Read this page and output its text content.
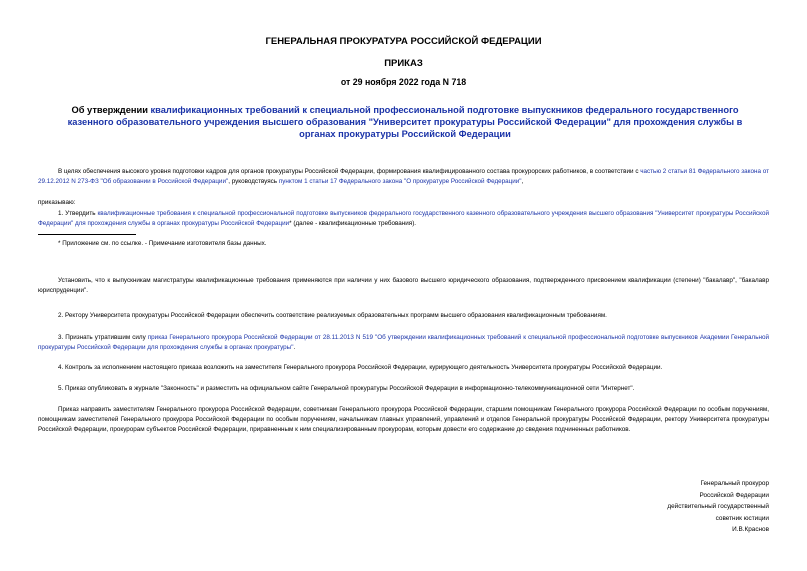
ГЕНЕРАЛЬНАЯ ПРОКУРАТУРА РОССИЙСКОЙ ФЕДЕРАЦИИ
ПРИКАЗ
от 29 ноября 2022 года N 718
Об утверждении квалификационных требований к специальной профессиональной подготовке выпускников федерального государственного казенного образовательного учреждения высшего образования "Университет прокуратуры Российской Федерации" для прохождения службы в органах прокуратуры Российской Федерации
В целях обеспечения высокого уровня подготовки кадров для органов прокуратуры Российской Федерации, формирования квалифицированного состава прокурорских работников, в соответствии с частью 2 статьи 81 Федерального закона от 29.12.2012 N 273-ФЗ "Об образовании в Российской Федерации", руководствуясь пунктом 1 статьи 17 Федерального закона "О прокуратуре Российской Федерации",
приказываю:
1. Утвердить квалификационные требования к специальной профессиональной подготовке выпускников федерального государственного казенного образовательного учреждения высшего образования "Университет прокуратуры Российской Федерации" для прохождения службы в органах прокуратуры Российской Федерации* (далее - квалификационные требования).
* Приложение см. по ссылке. - Примечание изготовителя базы данных.
Установить, что к выпускникам магистратуры квалификационные требования применяются при наличии у них базового высшего юридического образования, подтвержденного присвоением квалификации (степени) "бакалавр", "бакалавр юриспруденции".
2. Ректору Университета прокуратуры Российской Федерации обеспечить соответствие реализуемых образовательных программ высшего образования квалификационным требованиям.
3. Признать утратившим силу приказ Генерального прокурора Российской Федерации от 28.11.2013 N 519 "Об утверждении квалификационных требований к специальной профессиональной подготовке выпускников Академии Генеральной прокуратуры Российской Федерации для прохождения службы в органах прокуратуры".
4. Контроль за исполнением настоящего приказа возложить на заместителя Генерального прокурора Российской Федерации, курирующего деятельность Университета прокуратуры Российской Федерации.
5. Приказ опубликовать в журнале "Законность" и разместить на официальном сайте Генеральной прокуратуры Российской Федерации в информационно-телекоммуникационной сети "Интернет".
Приказ направить заместителям Генерального прокурора Российской Федерации, советникам Генерального прокурора Российской Федерации, старшим помощникам Генерального прокурора Российской Федерации по особым поручениям, помощникам заместителей Генерального прокурора Российской Федерации по особым поручениям, начальникам главных управлений, управлений и отделов Генеральной прокуратуры Российской Федерации, ректору Университета прокуратуры Российской Федерации, прокурорам субъектов Российской Федерации, приравненным к ним специализированным прокурорам, которым довести его содержание до сведения подчиненных работников.
Генеральный прокурор
Российской Федерации
действительный государственный
советник юстиции
И.В.Краснов
